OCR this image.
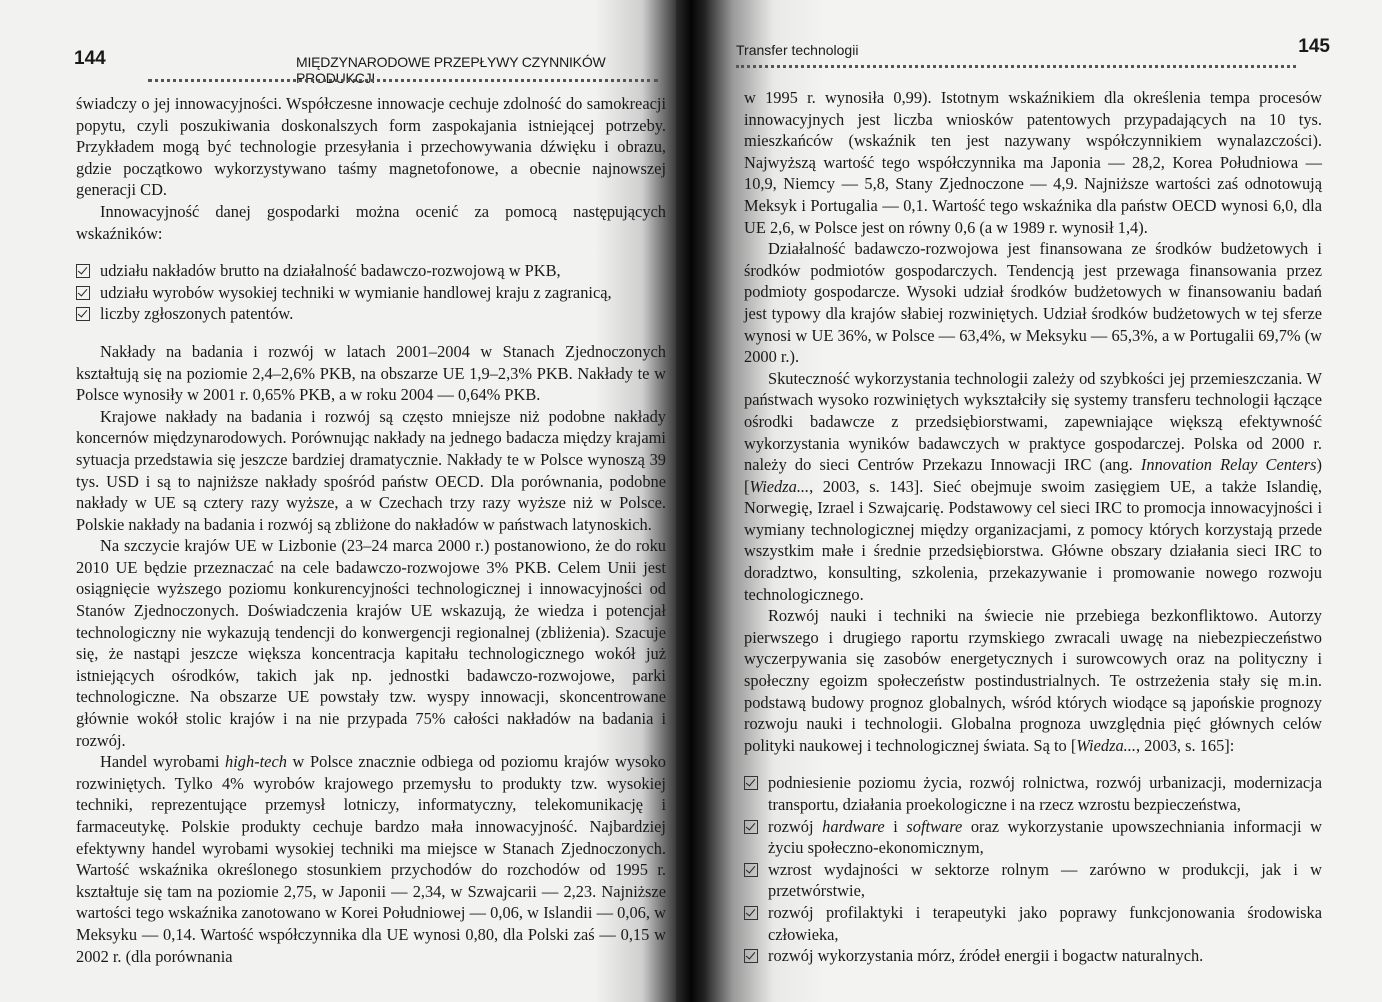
144	MIĘDZYNARODOWE PRZEPŁYWY CZYNNIKÓW PRODUKCJI

świadczy o jej innowacyjności. Współczesne innowacje cechuje zdolność do samokreacji popytu, czyli poszukiwania doskonalszych form zaspokajania istniejącej potrzeby. Przykładem mogą być technologie przesyłania i przechowywania dźwięku i obrazu, gdzie początkowo wykorzystywano taśmy magnetofonowe, a obecnie najnowszej generacji CD.

Innowacyjność danej gospodarki można ocenić za pomocą następujących wskaźników:

udziału nakładów brutto na działalność badawczo-rozwojową w PKB,
udziału wyrobów wysokiej techniki w wymianie handlowej kraju z zagranicą,
liczby zgłoszonych patentów.

Nakłady na badania i rozwój w latach 2001–2004 w Stanach Zjednoczonych kształtują się na poziomie 2,4–2,6% PKB, na obszarze UE 1,9–2,3% PKB. Nakłady te w Polsce wynosiły w 2001 r. 0,65% PKB, a w roku 2004 — 0,64% PKB.

Krajowe nakłady na badania i rozwój są często mniejsze niż podobne nakłady koncernów międzynarodowych. Porównując nakłady na jednego badacza między krajami sytuacja przedstawia się jeszcze bardziej dramatycznie. Nakłady te w Polsce wynoszą 39 tys. USD i są to najniższe nakłady spośród państw OECD. Dla porównania, podobne nakłady w UE są cztery razy wyższe, a w Czechach trzy razy wyższe niż w Polsce. Polskie nakłady na badania i rozwój są zbliżone do nakładów w państwach latynoskich.

Na szczycie krajów UE w Lizbonie (23–24 marca 2000 r.) postanowiono, że do roku 2010 UE będzie przeznaczać na cele badawczo-rozwojowe 3% PKB. Celem Unii jest osiągnięcie wyższego poziomu konkurencyjności technologicznej i innowacyjności od Stanów Zjednoczonych. Doświadczenia krajów UE wskazują, że wiedza i potencjał technologiczny nie wykazują tendencji do konwergencji regionalnej (zbliżenia). Szacuje się, że nastąpi jeszcze większa koncentracja kapitału technologicznego wokół już istniejących ośrodków, takich jak np. jednostki badawczo-rozwojowe, parki technologiczne. Na obszarze UE powstały tzw. wyspy innowacji, skoncentrowane głównie wokół stolic krajów i na nie przypada 75% całości nakładów na badania i rozwój.

Handel wyrobami high-tech w Polsce znacznie odbiega od poziomu krajów wysoko rozwiniętych. Tylko 4% wyrobów krajowego przemysłu to produkty tzw. wysokiej techniki, reprezentujące przemysł lotniczy, informatyczny, telekomunikację i farmaceutykę. Polskie produkty cechuje bardzo mała innowacyjność. Najbardziej efektywny handel wyrobami wysokiej techniki ma miejsce w Stanach Zjednoczonych. Wartość wskaźnika określonego stosunkiem przychodów do rozchodów od 1995 r. kształtuje się tam na poziomie 2,75, w Japonii — 2,34, w Szwajcarii — 2,23. Najniższe wartości tego wskaźnika zanotowano w Korei Południowej — 0,06, w Islandii — 0,06, w Meksyku — 0,14. Wartość współczynnika dla UE wynosi 0,80, dla Polski zaś — 0,15 w 2002 r. (dla porównania

Transfer technologii	145

w 1995 r. wynosiła 0,99). Istotnym wskaźnikiem dla określenia tempa procesów innowacyjnych jest liczba wniosków patentowych przypadających na 10 tys. mieszkańców (wskaźnik ten jest nazywany współczynnikiem wynalazczości). Najwyższą wartość tego współczynnika ma Japonia — 28,2, Korea Południowa — 10,9, Niemcy — 5,8, Stany Zjednoczone — 4,9. Najniższe wartości zaś odnotowują Meksyk i Portugalia — 0,1. Wartość tego wskaźnika dla państw OECD wynosi 6,0, dla UE 2,6, w Polsce jest on równy 0,6 (a w 1989 r. wynosił 1,4).

Działalność badawczo-rozwojowa jest finansowana ze środków budżetowych i środków podmiotów gospodarczych. Tendencją jest przewaga finansowania przez podmioty gospodarcze. Wysoki udział środków budżetowych w finansowaniu badań jest typowy dla krajów słabiej rozwiniętych. Udział środków budżetowych w tej sferze wynosi w UE 36%, w Polsce — 63,4%, w Meksyku — 65,3%, a w Portugalii 69,7% (w 2000 r.).

Skuteczność wykorzystania technologii zależy od szybkości jej przemieszczania. W państwach wysoko rozwiniętych wykształciły się systemy transferu technologii łączące ośrodki badawcze z przedsiębiorstwami, zapewniające większą efektywność wykorzystania wyników badawczych w praktyce gospodarczej. Polska od 2000 r. należy do sieci Centrów Przekazu Innowacji IRC (ang. Innovation Relay Centers) [Wiedza..., 2003, s. 143]. Sieć obejmuje swoim zasięgiem UE, a także Islandię, Norwegię, Izrael i Szwajcarię. Podstawowy cel sieci IRC to promocja innowacyjności i wymiany technologicznej między organizacjami, z pomocy których korzystają przede wszystkim małe i średnie przedsiębiorstwa. Główne obszary działania sieci IRC to doradztwo, konsulting, szkolenia, przekazywanie i promowanie nowego rozwoju technologicznego.

Rozwój nauki i techniki na świecie nie przebiega bezkonfliktowo. Autorzy pierwszego i drugiego raportu rzymskiego zwracali uwagę na niebezpieczeństwo wyczerpywania się zasobów energetycznych i surowcowych oraz na polityczny i społeczny egoizm społeczeństw postindustrialnych. Te ostrzeżenia stały się m.in. podstawą budowy prognoz globalnych, wśród których wiodące są japońskie prognozy rozwoju nauki i technologii. Globalna prognoza uwzględnia pięć głównych celów polityki naukowej i technologicznej świata. Są to [Wiedza..., 2003, s. 165]:

podniesienie poziomu życia, rozwój rolnictwa, rozwój urbanizacji, modernizacja transportu, działania proekologiczne i na rzecz wzrostu bezpieczeństwa,
rozwój hardware i software oraz wykorzystanie upowszechniania informacji w życiu społeczno-ekonomicznym,
wzrost wydajności w sektorze rolnym — zarówno w produkcji, jak i w przetwórstwie,
rozwój profilaktyki i terapeutyki jako poprawy funkcjonowania środowiska człowieka,
rozwój wykorzystania mórz, źródeł energii i bogactw naturalnych.
